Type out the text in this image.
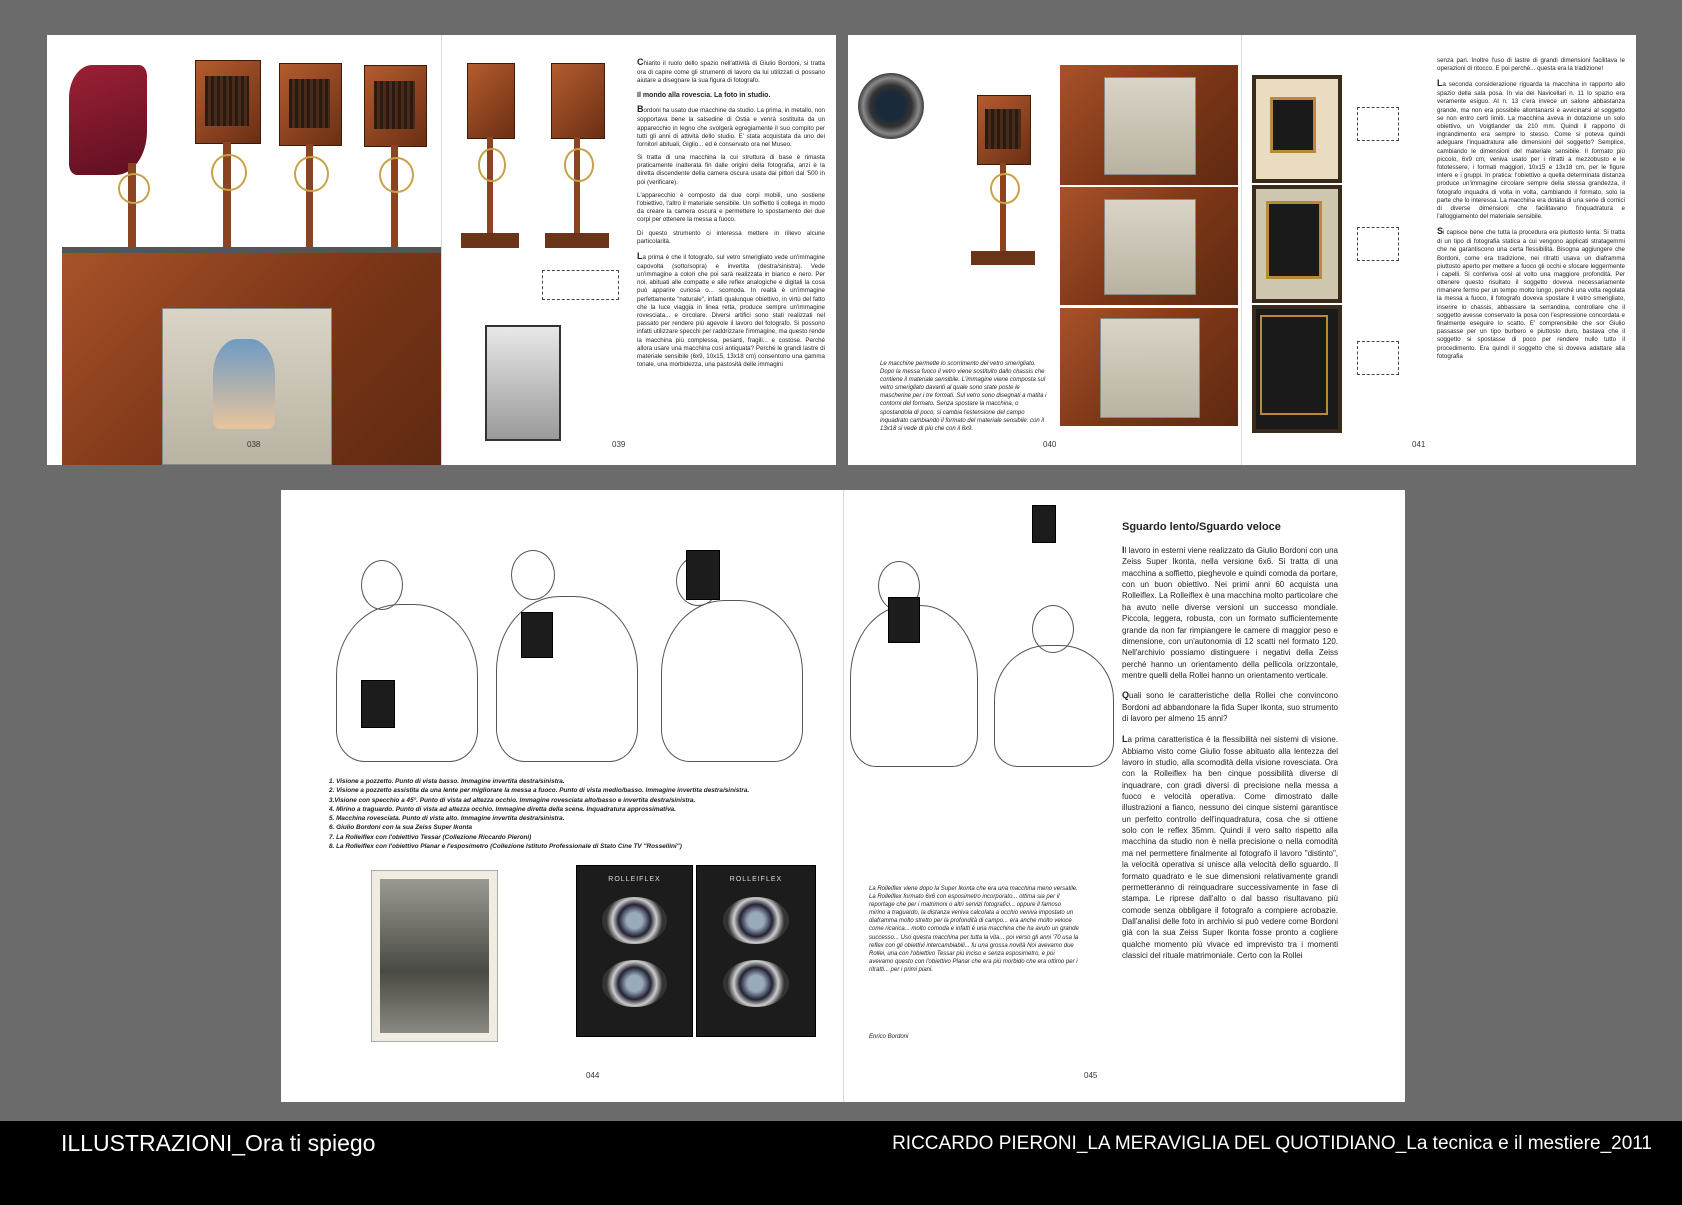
038

Chiarito il ruolo dello spazio nell'attività di Giulio Bordoni, si tratta ora di capire come gli strumenti di lavoro da lui utilizzati ci possano aiutare a disegnare la sua figura di fotografo.

Il mondo alla rovescia. La foto in studio.

Bordoni ha usato due macchine da studio. La prima, in metallo, non sopportava bene la salsedine di Ostia e venrà sostituita da un apparecchio in legno che svolgerà egregiamente il suo compito per tutti gli anni di attività dello studio. E' stata acquistata da uno dei fornitori abituali, Giglio... ed è conservato ora nel Museo.

Si tratta di una macchina la cui struttura di base è rimasta praticamente inalterata fin dalle origini della fotografia, anzi è la diretta discendente della camera oscura usata dai pittori dal '500 in poi (verificare).

L'apparecchio è composto da due corpi mobili, uno sostiene l'obiettivo, l'altro il materiale sensibile. Un soffietto li collega in modo da creare la camera oscura e permettere lo spostamento dei due corpi per ottenere la messa a fuoco.

Di questo strumento ci interessa mettere in rilievo alcune particolarità.

La prima è che il fotografo, sul vetro smerigliato vede un'immagine capovolta (sotto/sopra) e invertita (destra/sinistra). Vede un'immagine a colori che poi sarà realizzata in bianco e nero. Per noi, abituati alle compatte e alle reflex analogiche e digitali la cosa può apparire curiosa o... scomoda. In realtà è un'immagine perfettamente "naturale", infatti qualunque obiettivo, in virtù del fatto che la luce viaggia in linea retta, produce sempre un'immagine rovesciata... e circolare. Diversi artifici sono stati realizzati nel passato per rendere più agevole il lavoro del fotografo. Si possono infatti utilizzare specchi per raddrizzare l'immagine, ma questo rende la macchina più complessa, pesanti, fragili... e costose. Perché allora usare una macchina così antiquata? Perché le grandi lastre di materiale sensibile (6x9, 10x15, 13x18 cm) consentono una gamma tonale, una morbidezza, una pastosità delle immagini

039
Le macchine permette lo scorrimento del vetro smerigliato. Dopo la messa fuoco il vetro viene sostituito dallo chassis che contiene il materiale sensibile. L'immagine viene composta sul vetro smerigliato davanti al quale sono state poste le mascherine per i tre formati. Sul vetro sono disegnati a matita i contorni del formato. Senza spostare la macchina, o spostandola di poco, si cambia l'estensione del campo inquadrato cambiando il formato del materiale sensibile: con il 13x18 si vede di più che con il 6x9.
040

senza pari. Inoltre l'uso di lastre di grandi dimensioni facilitava le operazioni di ritocco. E poi perché... questa era la tradizione!

La seconda considerazione riguarda la macchina in rapporto allo spazio della sala posa. In via dei Navicellari n. 11 lo spazio era veramente esiguo. Al n. 13 c'era invece un salone abbastanza grande, ma non era possibile allontanarsi e avvicinarsi al soggetto se non entro certi limiti. La macchina aveva in dotazione un solo obiettivo, un Voigtlander da 210 mm. Quindi il rapporto di ingrandimento era sempre lo stesso. Come si poteva quindi adeguare l'inquadratura alle dimensioni del soggetto? Semplice, cambiando le dimensioni del materiale sensibile. Il formato più piccolo, 6x9 cm, veniva usato per i ritratti a mezzobusto e le fototessere, i formati maggiori, 10x15 e 13x18 cm, per le figure intere e i gruppi. In pratica: l'obiettivo a quella determinata distanza produce un'immagine circolare sempre della stessa grandezza, il fotografo inquadra di volta in volta, cambiando il formato, solo la parte che lo interessa. La macchina era dotata di una serie di cornici di diverse dimensioni che facilitavano l'inquadratura e l'alloggiamento del materiale sensibile.

Si capisce bene che tutta la procedura era piuttosto lenta. Si tratta di un tipo di fotografia statica a cui vengono applicati stratagemmi che ne garantiscono una certa flessibilità. Bisogna aggiungere che Bordoni, come era tradizione, nei ritratti usava un diaframma piuttosto aperto per mettere a fuoco gli occhi e sfocare leggermente i capelli. Si conferiva così al volto una maggiore profondità. Per ottenere questo risultato il soggetto doveva necessariamente rimanere fermo per un tempo molto lungo, perché una volta regolata la messa a fuoco, il fotografo doveva spostare il vetro smerigliato, inserire lo chassis, abbassare la serrandina, controllare che il soggetto avesse conservato la posa con l'espressione concordata e finalmente eseguire lo scatto. E' comprensibile che sor Giulio passasse per un tipo burbero e piuttosto duro, bastava che il soggetto si spostasse di poco per rendere nullo tutto il procedimento. Era quindi il soggetto che si doveva adattare alla fotografia

041
1. Visione a pozzetto. Punto di vista basso. Immagine invertita destra/sinistra.
2. Visione a pozzetto assistita da una lente per migliorare la messa a fuoco. Punto di vista medio/basso. Immagine invertita destra/sinistra.
3.Visione con specchio a 45°. Punto di vista ad altezza occhio. Immagine rovesciata alto/basso e invertita destra/sinistra.
4. Mirino a traguardo. Punto di vista ad altezza occhio. Immagine diretta della scena. Inquadratura approssimativa.
5. Macchina rovesciata. Punto di vista alto. Immagine invertita destra/sinistra.
6. Giulio Bordoni con la sua Zeiss Super Ikonta
7. La Rolleiflex con l'obiettivo Tessar (Collezione Riccardo Pieroni)
8. La Rolleiflex con l'obiettivo Planar e l'esposimetro (Collezione Istituto Professionale di Stato Cine TV "Rossellini")
ROLLEIFLEX	ROLLEIFLEX
044
La Rolleiflex viene dopo la Super Ikonta che era una macchina meno versatile. La Rolleiflex formato 6x6 con esposimetro incorporato... ottima sia per il reportage che per i matrimoni o altri servizi fotografici... oppure il famoso mirino a traguardo, la distanza veniva calcolata a occhio veniva impostato un diaframma molto stretto per la profondità di campo... era anche molto veloce come ricarica... molto comoda e infatti è una macchina che ha avuto un grande successo... Uso questa macchina per tutta la vita... poi verso gli anni '70 usa la reflex con gli obiettivi intercambiabili... fu una grossa novità Noi avevamo due Rollei, una con l'obiettivo Tessar più inciso e senza esposimetro, e poi avevamo questo con l'obiettivo Planar che era più morbido che era ottimo per i ritratti... per i primi piani.
Enrico Bordoni
Sguardo lento/Sguardo veloce

Il lavoro in esterni viene realizzato da Giulio Bordoni con una Zeiss Super Ikonta, nella versione 6x6. Si tratta di una macchina a soffietto, pieghevole e quindi comoda da portare, con un buon obiettivo. Nei primi anni 60 acquista una Rolleiflex. La Rolleiflex è una macchina molto particolare che ha avuto nelle diverse versioni un successo mondiale. Piccola, leggera, robusta, con un formato sufficientemente grande da non far rimpiangere le camere di maggior peso e dimensione, con un'autonomia di 12 scatti nel formato 120. Nell'archivio possiamo distinguere i negativi della Zeiss perché hanno un orientamento della pellicola orizzontale, mentre quelli della Rollei hanno un orientamento verticale.

Quali sono le caratteristiche della Rollei che convincono Bordoni ad abbandonare la fida Super Ikonta, suo strumento di lavoro per almeno 15 anni?

La prima caratteristica è la flessibilità nei sistemi di visione. Abbiamo visto come Giulio fosse abituato alla lentezza del lavoro in studio, alla scomodità della visione rovesciata. Ora con la Rolleiflex ha ben cinque possibilità diverse di inquadrare, con gradi diversi di precisione nella messa a fuoco e velocità operativa. Come dimostrato dalle illustrazioni a fianco, nessuno dei cinque sistemi garantisce un perfetto controllo dell'inquadratura, cosa che si ottiene solo con le reflex 35mm. Quindi il vero salto rispetto alla macchina da studio non è nella precisione o nella comodità ma nel permettere finalmente al fotografo il lavoro "distinto", la velocità operativa si unisce alla velocità dello sguardo. Il formato quadrato e le sue dimensioni relativamente grandi permetteranno di reinquadrare successivamente in fase di stampa. Le riprese dall'alto o dal basso risultavano più comode senza obbligare il fotografo a compiere acrobazie. Dall'analisi delle foto in archivio si può vedere come Bordoni già con la sua Zeiss Super Ikonta fosse pronto a cogliere qualche momento più vivace ed imprevisto tra i momenti classici del rituale matrimoniale. Certo con la Rollei

045
ILLUSTRAZIONI_Ora ti spiego	RICCARDO PIERONI_LA MERAVIGLIA DEL QUOTIDIANO_La tecnica e il mestiere_2011
